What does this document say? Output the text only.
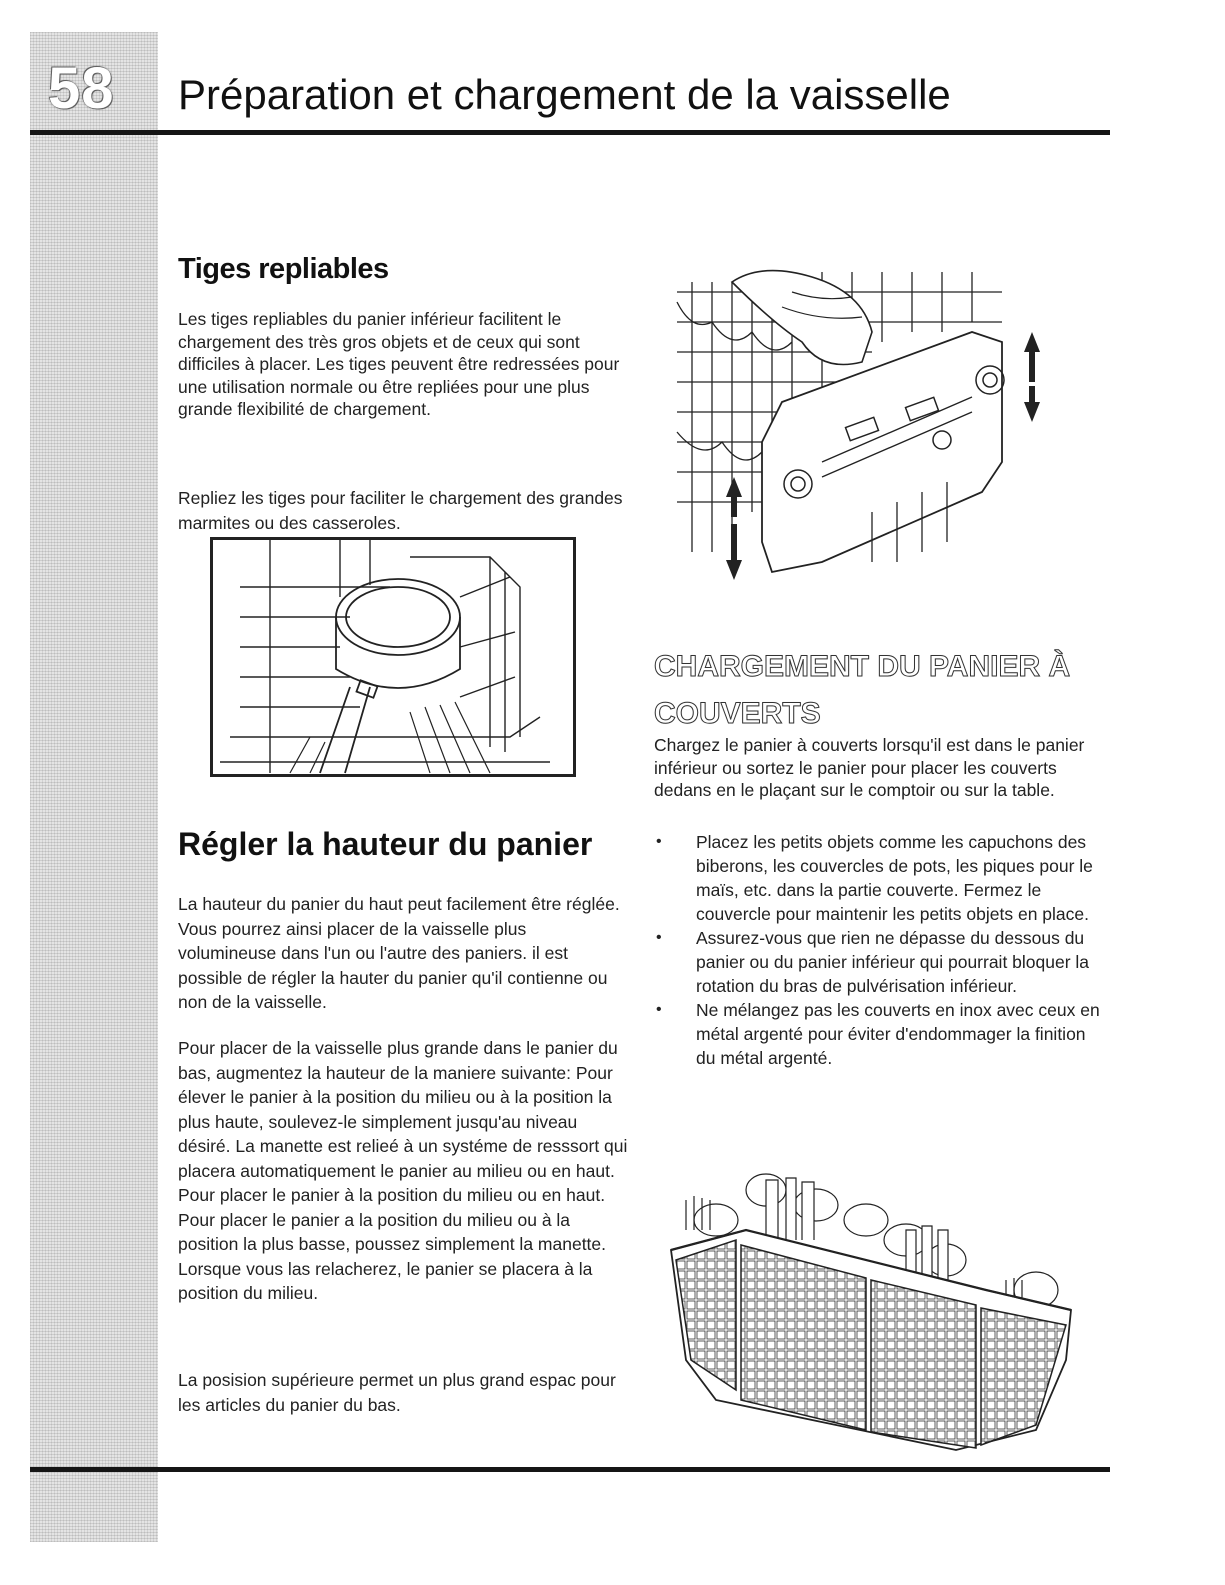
58	Préparation et chargement de la vaisselle
Tiges repliables

Les tiges repliables du panier inférieur facilitent le chargement des très gros objets et de ceux qui sont difficiles à placer. Les tiges peuvent être redressées pour une utilisation normale ou être repliées pour une plus grande flexibilité de chargement.

Repliez les tiges pour faciliter le chargement des grandes marmites ou des casseroles.

CHARGEMENT DU PANIER À COUVERTS

Chargez le panier à couverts lorsqu'il est dans le panier inférieur ou sortez le panier pour placer les couverts dedans en le plaçant sur le comptoir ou sur la table.

• Placez les petits objets comme les capuchons des biberons, les couvercles de pots, les piques pour le maïs, etc. dans la partie couverte. Fermez le couvercle pour maintenir les petits objets en place.
• Assurez-vous que rien ne dépasse du dessous du panier ou du panier inférieur qui pourrait bloquer la rotation du bras de pulvérisation inférieur.
• Ne mélangez pas les couverts en inox avec ceux en métal argenté pour éviter d'endommager la finition du métal argenté.
Régler la hauteur du panier

La hauteur du panier du haut peut facilement être réglée. Vous pourrez ainsi placer de la vaisselle plus volumineuse dans l'un ou l'autre des paniers. il est possible de régler la hauter du panier qu'il contienne ou non de la vaisselle.

Pour placer de la vaisselle plus grande dans le panier du bas, augmentez la hauteur de la maniere suivante: Pour élever le panier à la position du milieu ou à la position la plus haute, soulevez-le simplement jusqu'au niveau désiré. La manette est relieé à un systéme de resssort qui placera automatiquement le panier au milieu ou en haut. Pour placer le panier à la position du milieu ou en haut. Pour placer le panier a la position du milieu ou à la position la plus basse, poussez simplement la manette. Lorsque vous las relacherez, le panier se placera à la position du milieu.

La posision supérieure permet un plus grand espac pour les articles du panier du bas.
